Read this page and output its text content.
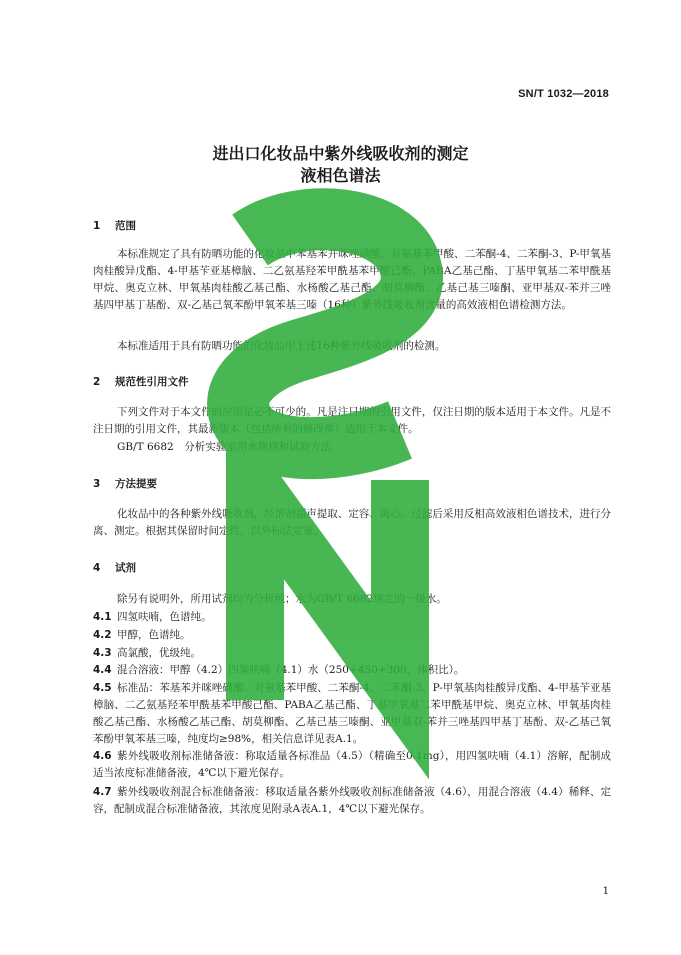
SN/T 1032—2018
进出口化妆品中紫外线吸收剂的测定
液相色谱法
1 范围
本标准规定了具有防晒功能的化妆品中苯基苯并咪唑磺酸、对氨基苯甲酸、二苯酮-4、二苯酮-3、P-甲氧基肉桂酸异戊酯、4-甲基苄亚基樟脑、二乙氨基羟苯甲酰基苯甲酸己酯、PABA乙基己酯、丁基甲氧基二苯甲酰基甲烷、奥克立林、甲氧基肉桂酸乙基己酯、水杨酸乙基己酯、胡莫柳酯、乙基己基三嗪酮、亚甲基双-苯并三唑基四甲基丁基酚、双-乙基己氧苯酚甲氧苯基三嗪（16种）紫外线吸收剂含量的高效液相色谱检测方法。
本标准适用于具有防晒功能的化妆品中上述16种紫外线吸收剂的检测。
2 规范性引用文件
下列文件对于本文件的应用是必不可少的。凡是注日期的引用文件，仅注日期的版本适用于本文件。凡是不注日期的引用文件，其最新版本（包括所有的修改单）适用于本文件。
GB/T 6682　分析实验室用水规格和试验方法
3 方法提要
化妆品中的各种紫外线吸收剂，经溶剂超声提取、定容、离心、过滤后采用反相高效液相色谱技术，进行分离、测定。根据其保留时间定性，以外标法定量。
4 试剂
除另有说明外，所用试剂均为分析纯；水为GB/T 6682规定的一级水。
4.1 四氢呋喃，色谱纯。
4.2 甲醇，色谱纯。
4.3 高氯酸，优级纯。
4.4 混合溶液：甲醇（4.2）四氢呋喃（4.1）水（250+450+300，体积比）。
4.5 标准品：苯基苯并咪唑磺酸、对氨基苯甲酸、二苯酮-4、二苯酮-3、P-甲氧基肉桂酸异戊酯、4-甲基苄亚基樟脑、二乙氨基羟苯甲酰基苯甲酸己酯、PABA乙基己酯、丁基甲氧基二苯甲酰基甲烷、奥克立林、甲氧基肉桂酸乙基己酯、水杨酸乙基己酯、胡莫柳酯、乙基己基三嗪酮、亚甲基双-苯并三唑基四甲基丁基酚、双-乙基己氧苯酚甲氧苯基三嗪，纯度均≥98%，相关信息详见表A.1。
4.6 紫外线吸收剂标准储备液：称取适量各标准品（4.5）（精确至0.1mg），用四氢呋喃（4.1）溶解，配制成适当浓度标准储备液，4℃以下避光保存。
4.7 紫外线吸收剂混合标准储备液：移取适量各紫外线吸收剂标准储备液（4.6），用混合溶液（4.4）稀释、定容，配制成混合标准储备液，其浓度见附录A表A.1，4℃以下避光保存。
1
